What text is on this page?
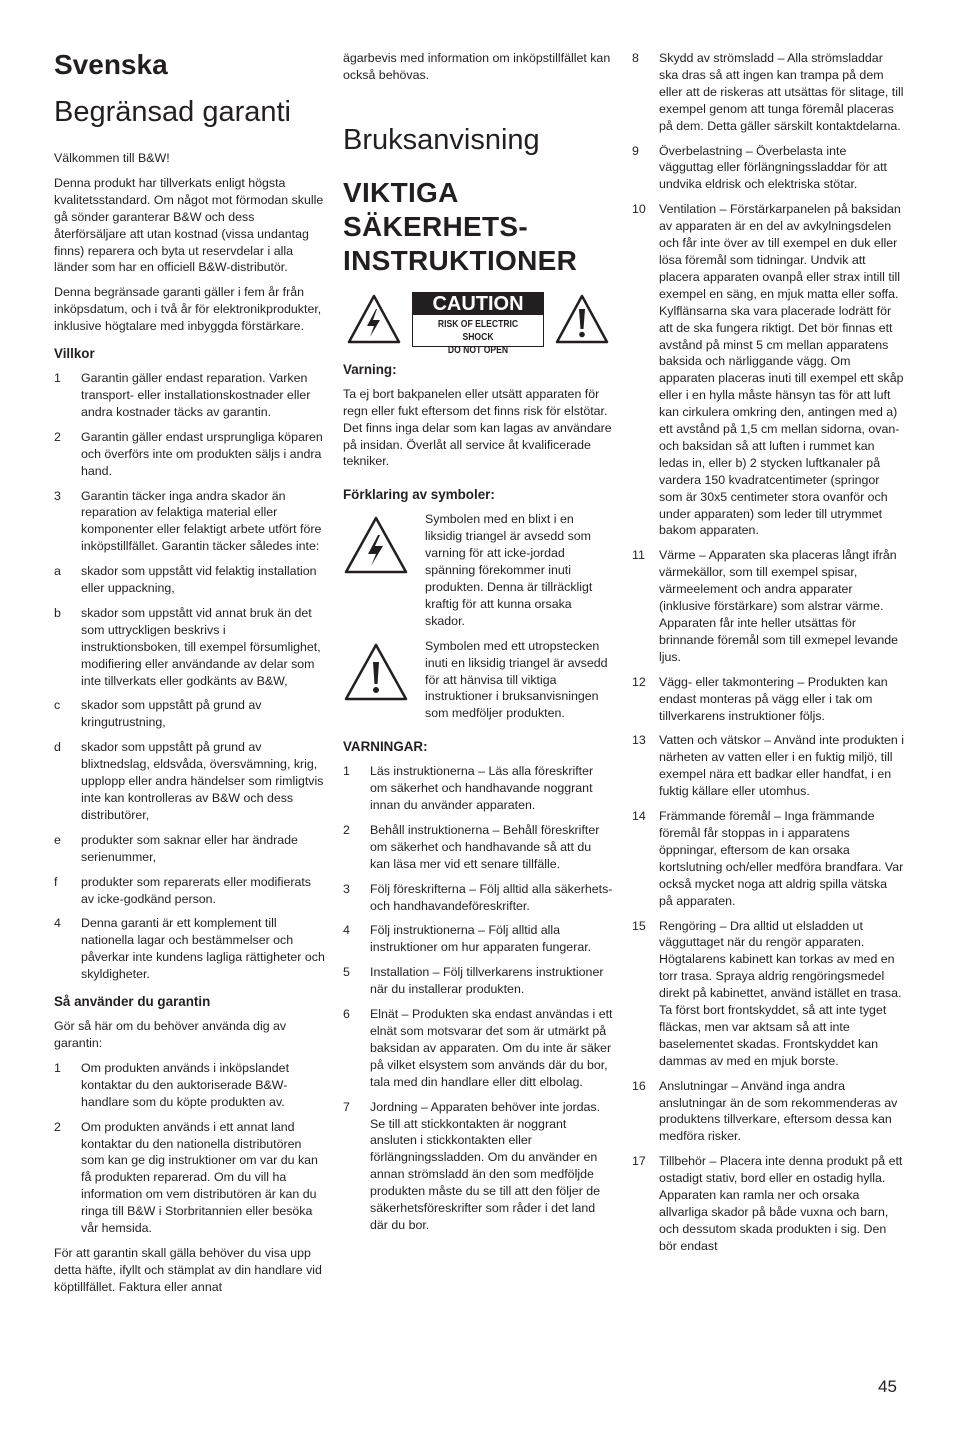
Svenska
Begränsad garanti

Välkommen till B&W!

Denna produkt har tillverkats enligt högsta kvalitetsstandard. Om något mot förmodan skulle gå sönder garanterar B&W och dess återförsäljare att utan kostnad (vissa undantag finns) reparera och byta ut reservdelar i alla länder som har en officiell B&W-distributör.

Denna begränsade garanti gäller i fem år från inköpsdatum, och i två år för elektronikprodukter, inklusive högtalare med inbyggda förstärkare.

Villkor
1	Garantin gäller endast reparation. Varken transport- eller installationskostnader eller andra kostnader täcks av garantin.
2	Garantin gäller endast ursprungliga köparen och överförs inte om produkten säljs i andra hand.
3	Garantin täcker inga andra skador än reparation av felaktiga material eller komponenter eller felaktigt arbete utfört före inköpstillfället. Garantin täcker således inte:
a	skador som uppstått vid felaktig installation eller uppackning,
b	skador som uppstått vid annat bruk än det som uttryckligen beskrivs i instruktionsboken, till exempel försumlighet, modifiering eller användande av delar som inte tillverkats eller godkänts av B&W,
c	skador som uppstått på grund av kringutrustning,
d	skador som uppstått på grund av blixtnedslag, eldsvåda, översvämning, krig, upplopp eller andra händelser som rimligtvis inte kan kontrolleras av B&W och dess distributörer,
e	produkter som saknar eller har ändrade serienummer,
f	produkter som reparerats eller modifierats av icke-godkänd person.
4	Denna garanti är ett komplement till nationella lagar och bestämmelser och påverkar inte kundens lagliga rättigheter och skyldigheter.
Så använder du garantin

Gör så här om du behöver använda dig av garantin:

1	Om produkten används i inköpslandet kontaktar du den auktoriserade B&W-handlare som du köpte produkten av.
2	Om produkten används i ett annat land kontaktar du den nationella distributören som kan ge dig instruktioner om var du kan få produkten reparerad. Om du vill ha information om vem distributören är kan du ringa till B&W i Storbritannien eller besöka vår hemsida.

För att garantin skall gälla behöver du visa upp detta häfte, ifyllt och stämplat av din handlare vid köptillfället. Faktura eller annat

ägarbevis med information om inköpstillfället kan också behövas.

Bruksanvisning
VIKTIGA
SÄKERHETS-
INSTRUKTIONER
CAUTION
RISK OF ELECTRIC SHOCK
DO NOT OPEN
Varning:

Ta ej bort bakpanelen eller utsätt apparaten för regn eller fukt eftersom det finns risk för elstötar. Det finns inga delar som kan lagas av användare på insidan. Överlåt all service åt kvalificerade tekniker.

Förklaring av symboler:
Symbolen med en blixt i en liksidig triangel är avsedd som varning för att icke-jordad spänning förekommer inuti produkten. Denna är tillräckligt kraftig för att kunna orsaka skador.
Symbolen med ett utropstecken inuti en liksidig triangel är avsedd för att hänvisa till viktiga instruktioner i bruksanvisningen som medföljer produkten.
VARNINGAR:
1	Läs instruktionerna – Läs alla föreskrifter om säkerhet och handhavande noggrant innan du använder apparaten.
2	Behåll instruktionerna – Behåll föreskrifter om säkerhet och handhavande så att du kan läsa mer vid ett senare tillfälle.
3	Följ föreskrifterna – Följ alltid alla säkerhets- och handhavandeföreskrifter.
4	Följ instruktionerna – Följ alltid alla instruktioner om hur apparaten fungerar.
5	Installation – Följ tillverkarens instruktioner när du installerar produkten.
6	Elnät – Produkten ska endast användas i ett elnät som motsvarar det som är utmärkt på baksidan av apparaten. Om du inte är säker på vilket elsystem som används där du bor, tala med din handlare eller ditt elbolag.
7	Jordning – Apparaten behöver inte jordas. Se till att stickkontakten är noggrant ansluten i stickkontakten eller förlängningssladden. Om du använder en annan strömsladd än den som medföljde produkten måste du se till att den följer de säkerhetsföreskrifter som råder i det land där du bor.
8	Skydd av strömsladd – Alla strömsladdar ska dras så att ingen kan trampa på dem eller att de riskeras att utsättas för slitage, till exempel genom att tunga föremål placeras på dem. Detta gäller särskilt kontaktdelarna.
9	Överbelastning – Överbelasta inte vägguttag eller förlängningssladdar för att undvika eldrisk och elektriska stötar.
10	Ventilation – Förstärkarpanelen på baksidan av apparaten är en del av avkylningsdelen och får inte över av till exempel en duk eller lösa föremål som tidningar. Undvik att placera apparaten ovanpå eller strax intill till exempel en säng, en mjuk matta eller soffa. Kylflänsarna ska vara placerade lodrätt för att de ska fungera riktigt. Det bör finnas ett avstånd på minst 5 cm mellan apparatens baksida och närliggande vägg. Om apparaten placeras inuti till exempel ett skåp eller i en hylla måste hänsyn tas för att luft kan cirkulera omkring den, antingen med a) ett avstånd på 1,5 cm mellan sidorna, ovan- och baksidan så att luften i rummet kan ledas in, eller b) 2 stycken luftkanaler på vardera 150 kvadratcentimeter (springor som är 30x5 centimeter stora ovanför och under apparaten) som leder till utrymmet bakom apparaten.
11	Värme – Apparaten ska placeras långt ifrån värmekällor, som till exempel spisar, värmeelement och andra apparater (inklusive förstärkare) som alstrar värme. Apparaten får inte heller utsättas för brinnande föremål som till exmepel levande ljus.
12	Vägg- eller takmontering – Produkten kan endast monteras på vägg eller i tak om tillverkarens instruktioner följs.
13	Vatten och vätskor – Använd inte produkten i närheten av vatten eller i en fuktig miljö, till exempel nära ett badkar eller handfat, i en fuktig källare eller utomhus.
14	Främmande föremål – Inga främmande föremål får stoppas in i apparatens öppningar, eftersom de kan orsaka kortslutning och/eller medföra brandfara. Var också mycket noga att aldrig spilla vätska på apparaten.
15	Rengöring – Dra alltid ut elsladden ut vägguttaget när du rengör apparaten. Högtalarens kabinett kan torkas av med en torr trasa. Spraya aldrig rengöringsmedel direkt på kabinettet, använd istället en trasa. Ta först bort frontskyddet, så att inte tyget fläckas, men var aktsam så att inte baselementet skadas. Frontskyddet kan dammas av med en mjuk borste.
16	Anslutningar – Använd inga andra anslutningar än de som rekommenderas av produktens tillverkare, eftersom dessa kan medföra risker.
17	Tillbehör – Placera inte denna produkt på ett ostadigt stativ, bord eller en ostadig hylla. Apparaten kan ramla ner och orsaka allvarliga skador på både vuxna och barn, och dessutom skada produkten i sig. Den bör endast
45
